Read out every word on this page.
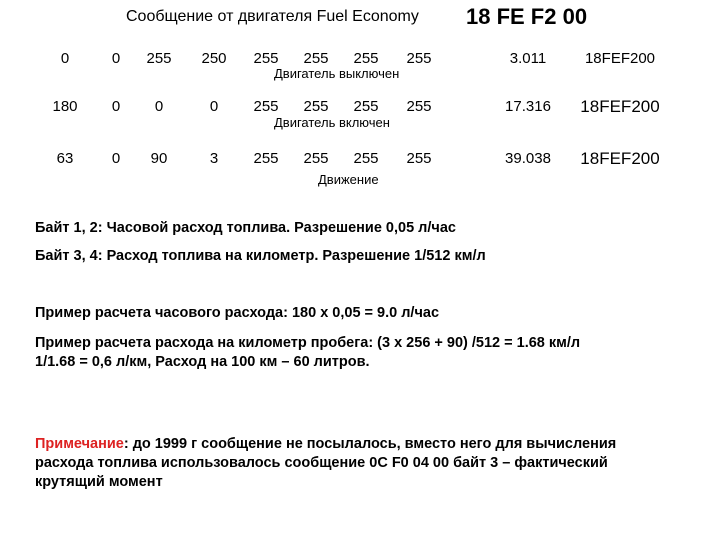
Сообщение от двигателя Fuel Economy 18 FE F2 00
0	0	255 250 255 255 255 255	3.011	18FEF200
Двигатель выключен
180	0	0	0	255 255 255 255	17.316	18FEF200
Двигатель включен
63	0	90	3	255 255 255 255	39.038	18FEF200
Движение
Байт 1, 2: Часовой расход топлива. Разрешение 0,05 л/час
Байт 3, 4: Расход топлива на километр. Разрешение 1/512 км/л
Пример расчета часового расхода: 180 х 0,05 = 9.0 л/час
Пример расчета расхода на километр пробега: (3 х 256 + 90) /512 = 1.68 км/л
1/1.68 = 0,6 л/км, Расход на 100 км – 60 литров.
Примечание: до 1999 г сообщение не посылалось, вместо него для вычисления
расхода топлива использовалось сообщение 0С F0 04 00 байт 3 – фактический
крутящий момент
